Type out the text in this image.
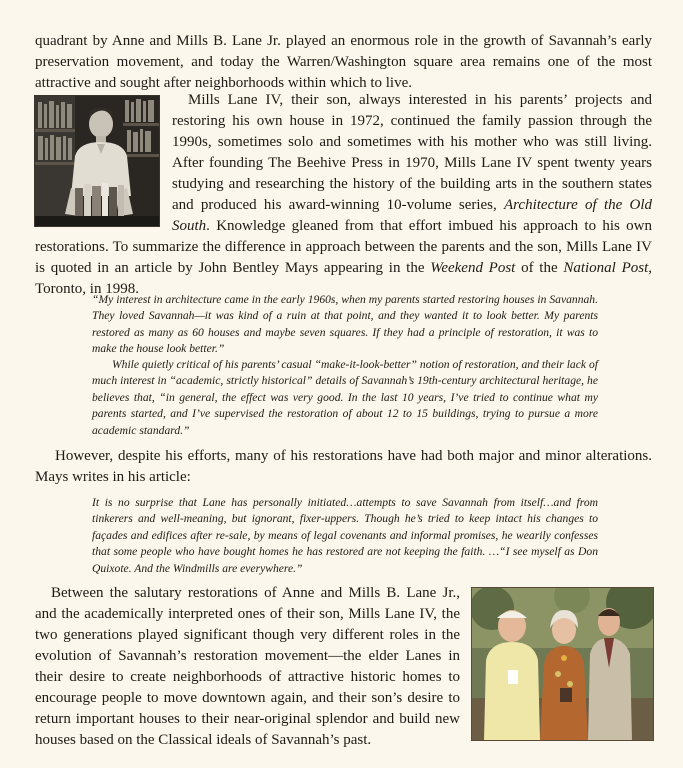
quadrant by Anne and Mills B. Lane Jr. played an enormous role in the growth of Savannah’s early preservation movement, and today the Warren/Washington square area remains one of the most attractive and sought after neighborhoods within which to live.

Mills Lane IV, their son, always interested in his parents’ projects and restoring his own house in 1972, continued the family passion through the 1990s, sometimes solo and sometimes with his mother who was still living. After founding The Beehive Press in 1970, Mills Lane IV spent twenty years studying and researching the history of the building arts in the southern states and produced his award-winning 10-volume series, Architecture of the Old South. Knowledge gleaned from that effort imbued his approach to his own restorations. To summarize the difference in approach between the parents and the son, Mills Lane IV is quoted in an article by John Bentley Mays appearing in the Weekend Post of the National Post, Toronto, in 1998.

“My interest in architecture came in the early 1960s, when my parents started restoring houses in Savannah. They loved Savannah—it was kind of a ruin at that point, and they wanted it to look better. My parents restored as many as 60 houses and maybe seven squares. If they had a principle of restoration, it was to make the house look better.”

While quietly critical of his parents’ casual “make-it-look-better” notion of restoration, and their lack of much interest in “academic, strictly historical” details of Savannah’s 19th-century architectural heritage, he believes that, “in general, the effect was very good. In the last 10 years, I’ve tried to continue what my parents started, and I’ve supervised the restoration of about 12 to 15 buildings, trying to pursue a more academic standard.”

However, despite his efforts, many of his restorations have had both major and minor alterations. Mays writes in his article:

It is no surprise that Lane has personally initiated…attempts to save Savannah from itself…and from tinkerers and well-meaning, but ignorant, fixer-uppers. Though he’s tried to keep intact his changes to façades and edifices after re-sale, by means of legal covenants and informal promises, he wearily confesses that some people who have bought homes he has restored are not keeping the faith. …“I see myself as Don Quixote. And the Windmills are everywhere.”

Between the salutary restorations of Anne and Mills B. Lane Jr., and the academically interpreted ones of their son, Mills Lane IV, the two generations played significant though very different roles in the evolution of Savannah’s restoration movement—the elder Lanes in their desire to create neighborhoods of attractive historic homes to encourage people to move downtown again, and their son’s desire to return important houses to their near-original splendor and build new houses based on the Classical ideals of Savannah’s past.
